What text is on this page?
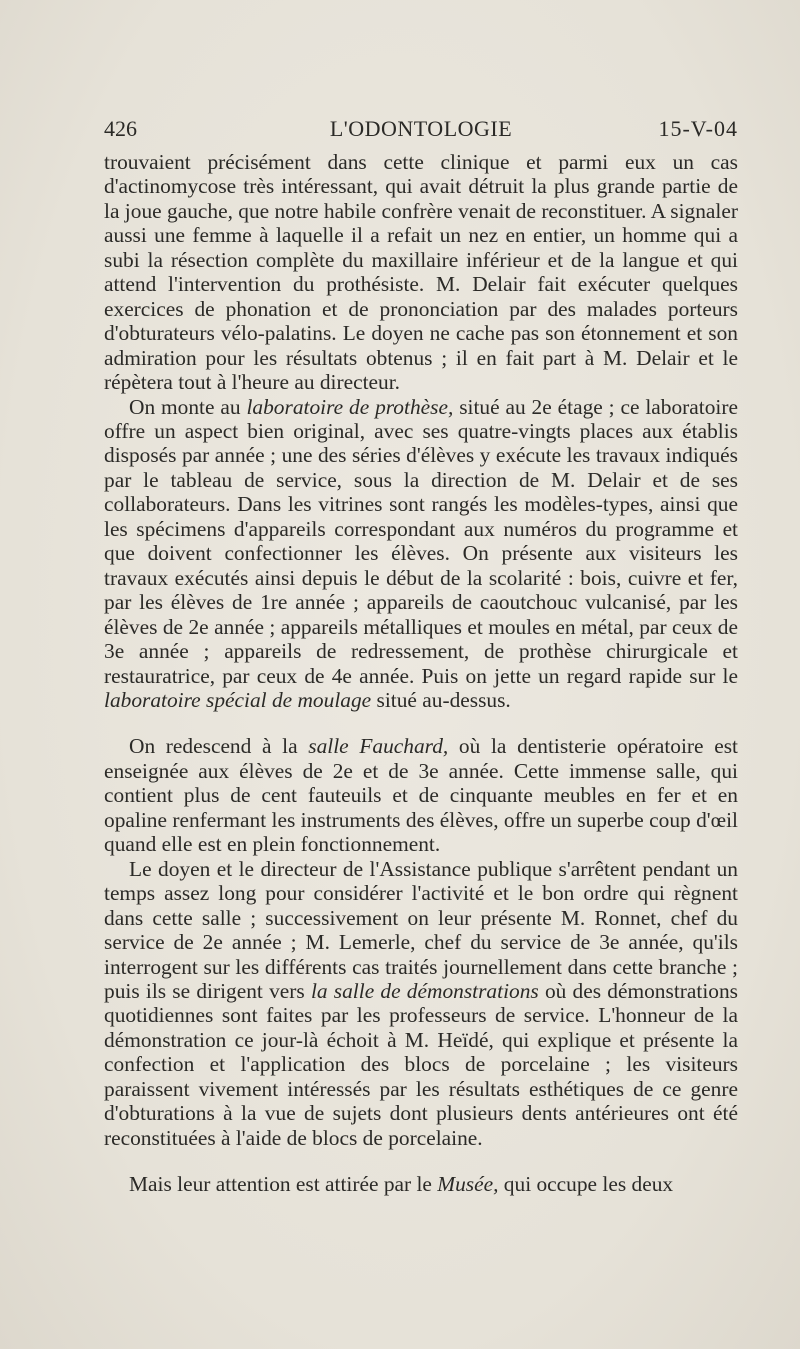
426	L'ODONTOLOGIE	15-V-04

trouvaient précisément dans cette clinique et parmi eux un cas d'actinomycose très intéressant, qui avait détruit la plus grande partie de la joue gauche, que notre habile confrère venait de reconstituer. A signaler aussi une femme à laquelle il a refait un nez en entier, un homme qui a subi la résection complète du maxillaire inférieur et de la langue et qui attend l'intervention du prothésiste. M. Delair fait exécuter quelques exercices de phonation et de prononciation par des malades porteurs d'obturateurs vélo-palatins. Le doyen ne cache pas son étonnement et son admiration pour les résultats obtenus ; il en fait part à M. Delair et le répètera tout à l'heure au directeur.

On monte au laboratoire de prothèse, situé au 2e étage ; ce laboratoire offre un aspect bien original, avec ses quatre-vingts places aux établis disposés par année ; une des séries d'élèves y exécute les travaux indiqués par le tableau de service, sous la direction de M. Delair et de ses collaborateurs. Dans les vitrines sont rangés les modèles-types, ainsi que les spécimens d'appareils correspondant aux numéros du programme et que doivent confectionner les élèves. On présente aux visiteurs les travaux exécutés ainsi depuis le début de la scolarité : bois, cuivre et fer, par les élèves de 1re année ; appareils de caoutchouc vulcanisé, par les élèves de 2e année ; appareils métalliques et moules en métal, par ceux de 3e année ; appareils de redressement, de prothèse chirurgicale et restauratrice, par ceux de 4e année. Puis on jette un regard rapide sur le laboratoire spécial de moulage situé au-dessus.

On redescend à la salle Fauchard, où la dentisterie opératoire est enseignée aux élèves de 2e et de 3e année. Cette immense salle, qui contient plus de cent fauteuils et de cinquante meubles en fer et en opaline renfermant les instruments des élèves, offre un superbe coup d'œil quand elle est en plein fonctionnement.

Le doyen et le directeur de l'Assistance publique s'arrêtent pendant un temps assez long pour considérer l'activité et le bon ordre qui règnent dans cette salle ; successivement on leur présente M. Ronnet, chef du service de 2e année ; M. Lemerle, chef du service de 3e année, qu'ils interrogent sur les différents cas traités journellement dans cette branche ; puis ils se dirigent vers la salle de démonstrations où des démonstrations quotidiennes sont faites par les professeurs de service. L'honneur de la démonstration ce jour-là échoit à M. Heïdé, qui explique et présente la confection et l'application des blocs de porcelaine ; les visiteurs paraissent vivement intéressés par les résultats esthétiques de ce genre d'obturations à la vue de sujets dont plusieurs dents antérieures ont été reconstituées à l'aide de blocs de porcelaine.

Mais leur attention est attirée par le Musée, qui occupe les deux
